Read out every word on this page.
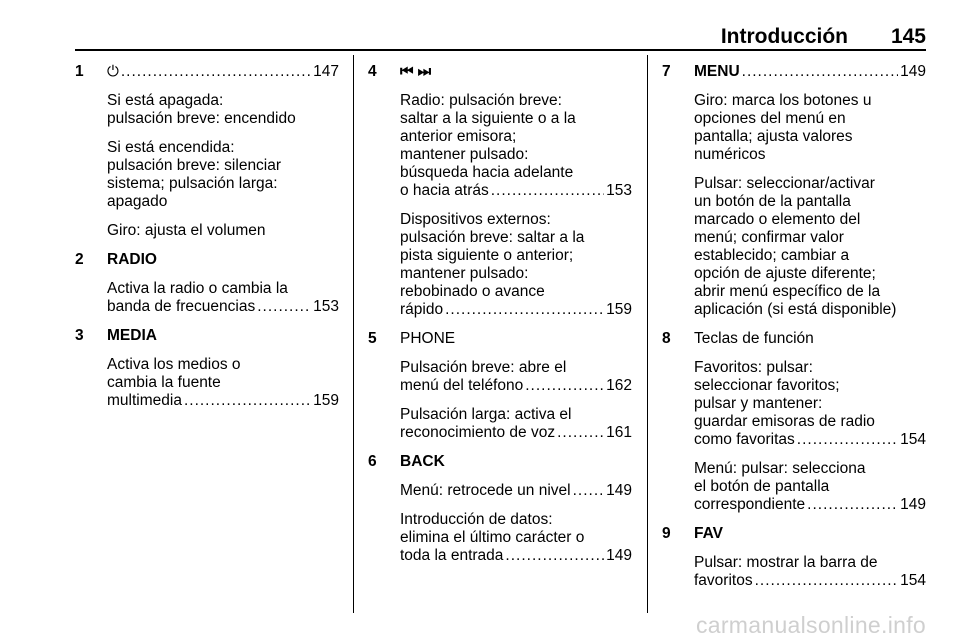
Introducción 145
1	⏻ .....	147
Si está apagada:
pulsación breve: encendido
Si está encendida:
pulsación breve: silenciar
sistema; pulsación larga:
apagado
Giro: ajusta el volumen
2	RADIO
Activa la radio o cambia la
banda de frecuencias .....	153
3	MEDIA
Activa los medios o
cambia la fuente
multimedia .....	159
4	⏮ ⏭
Radio: pulsación breve:
saltar a la siguiente o a la
anterior emisora;
mantener pulsado:
búsqueda hacia adelante
o hacia atrás .....	153
Dispositivos externos:
pulsación breve: saltar a la
pista siguiente o anterior;
mantener pulsado:
rebobinado o avance
rápido .....	159
5	PHONE
Pulsación breve: abre el
menú del teléfono .....	162
Pulsación larga: activa el
reconocimiento de voz .....	161
6	BACK
Menú: retrocede un nivel ..... 149
Introducción de datos:
elimina el último carácter o
toda la entrada .....	149
7	MENU .....	149
Giro: marca los botones u
opciones del menú en
pantalla; ajusta valores
numéricos
Pulsar: seleccionar/activar
un botón de la pantalla
marcado o elemento del
menú; confirmar valor
establecido; cambiar a
opción de ajuste diferente;
abrir menú específico de la
aplicación (si está disponible)
8	Teclas de función
Favoritos: pulsar:
seleccionar favoritos;
pulsar y mantener:
guardar emisoras de radio
como favoritas .....	154
Menú: pulsar: selecciona
el botón de pantalla
correspondiente .....	149
9	FAV
Pulsar: mostrar la barra de
favoritos .....	154
carmanualsonline.info
